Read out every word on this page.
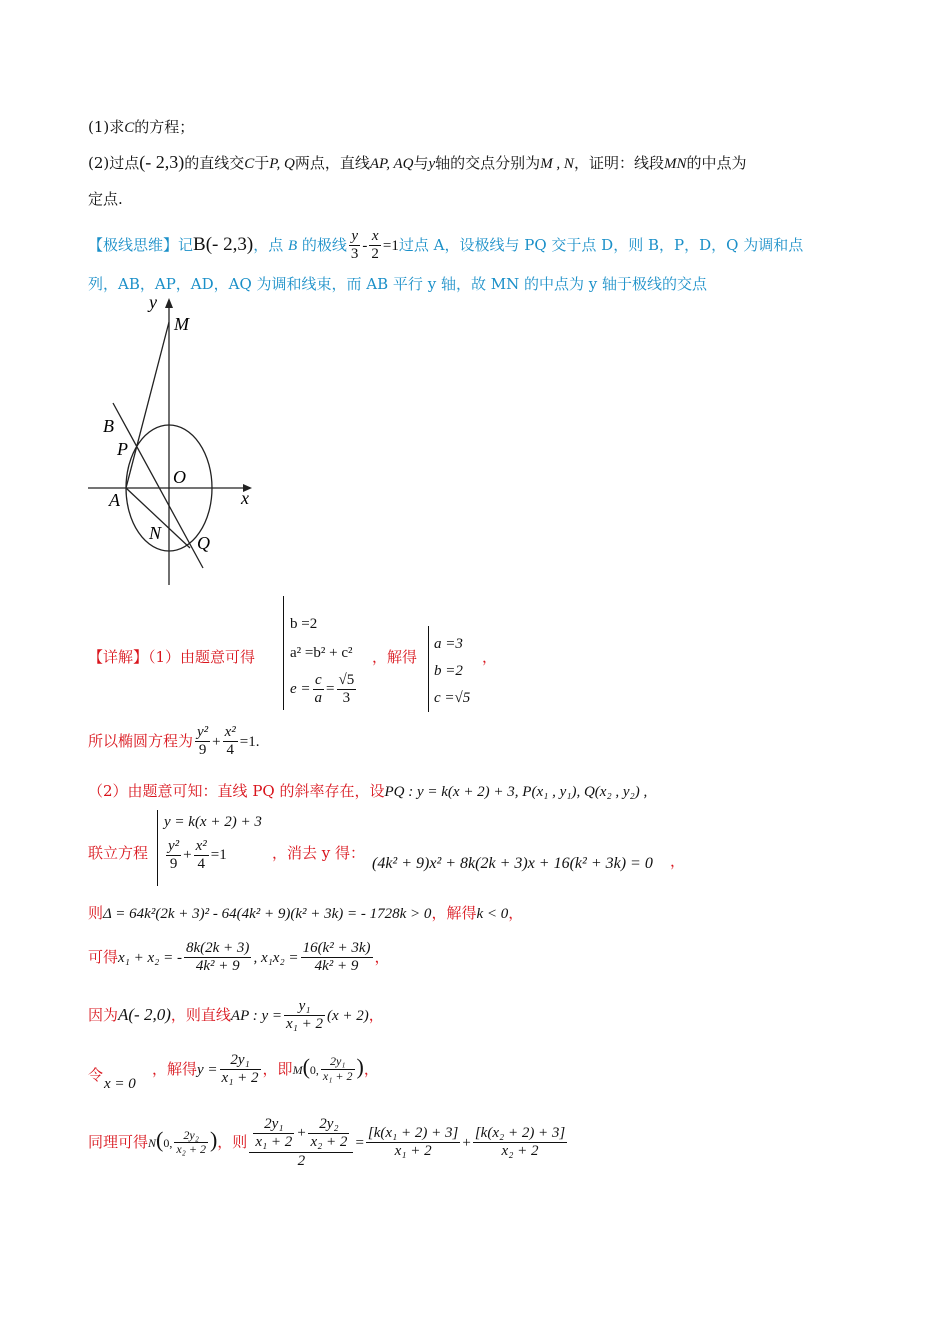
(1)求C的方程；
(2)过点(- 2,3)的直线交C于P, Q两点，直线AP, AQ与y轴的交点分别为M , N，证明：线段MN的中点为
定点.
【极线思维】记B(- 2,3)，点 B 的极线 $\frac{y}{3} - \frac{x}{2} =1$过点 A，设极线与 PQ 交于点 D，则 B，P，D，Q 为调和点
列，AB，AP，AD，AQ 为调和线束，而 AB 平行 y 轴，故 MN 的中点为 y 轴于极线的交点
y
M
B
P
O
A	x
N Q
【详解】（1）由题意可得
b =2
a² =b² + c²
$e = \frac{c}{a} = \frac{√5}{3}$
，解得
a =3
b =2
c =√5
，
所以椭圆方程为 $\frac{\text{y²}}{9} + \frac{\text{x²}}{4} =1$.
（2）由题意可知：直线 PQ 的斜率存在，设PQ : y = k(x + 2) + 3, P(x₁ , y₁), Q(x₂ , y₂) ,
联立方程
y = k(x + 2) + 3
$\frac{\text{y²}}{9} + \frac{\text{x²}}{4} =1$	，消去 y 得：
(4k² + 9)x² + 8k(2k + 3)x + 16(k² + 3k) = 0 ，
则Δ = 64k²(2k + 3)² - 64(4k² + 9)(k² + 3k) = - 1728k > 0，解得k < 0，
可得x₁ + x₂ = - $\frac{8k(2k + 3)}{\text{4k² + 9}}$ , $x_1x_2 = \frac{\text{16(k² + 3k)}}{\text{4k² + 9}}$ ，
因为A(- 2,0)，则直线AP : $y = \frac{\text{y₁}}{\text{x₁ + 2}} (x + 2)$，
令 x = 0
，解得$y = \frac{\text{2y₁}}{\text{x₁ + 2}}$ ，即M(0, $\frac{\text{2y₁}}{\text{x₁ + 2}}$ )，
同理可得N(0, $\frac{\text{2y₂}}{\text{x₂ + 2}}$ )，则 $\frac{\frac{\text{2y₁}}{\text{x₁ + 2}} + \frac{\text{2y₂}}{\text{x₂ + 2}}}{2} = \frac{\text{[k(x₁ + 2) + 3]}}{\text{x₁ + 2}} + \frac{\text{[k(x₂ + 2) + 3]}}{\text{x₂ + 2}}$
